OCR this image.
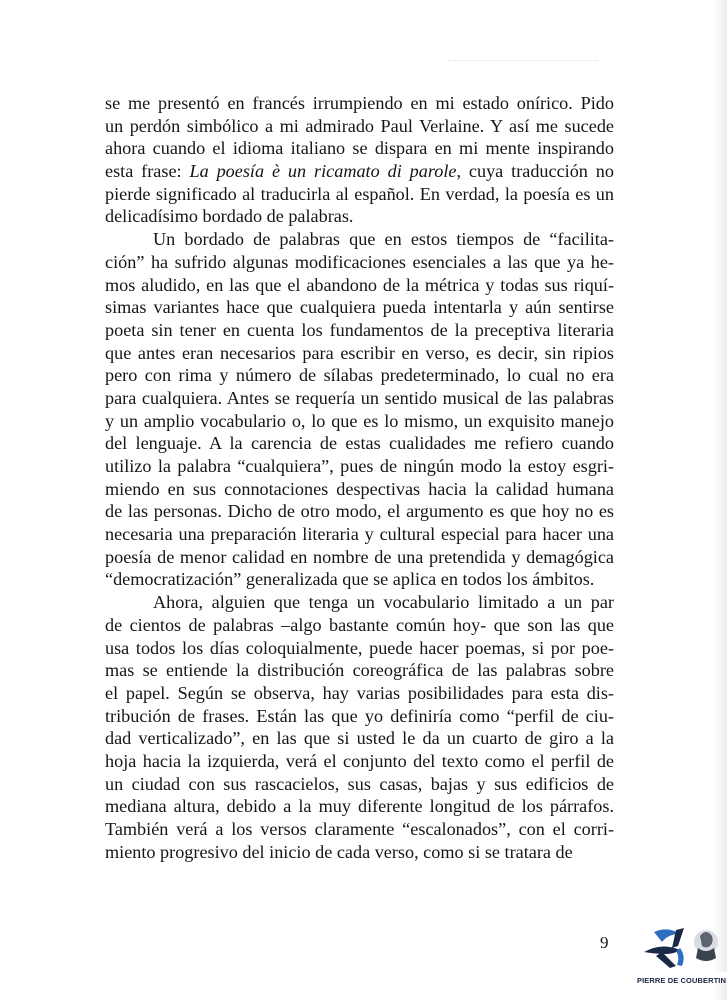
se me presentó en francés irrumpiendo en mi estado onírico. Pido
un perdón simbólico a mi admirado Paul Verlaine. Y así me sucede
ahora cuando el idioma italiano se dispara en mi mente inspirando
esta frase: La poesía è un ricamato di parole, cuya traducción no
pierde significado al traducirla al español. En verdad, la poesía es un
delicadísimo bordado de palabras.
Un bordado de palabras que en estos tiempos de “facilita-
ción” ha sufrido algunas modificaciones esenciales a las que ya he-
mos aludido, en las que el abandono de la métrica y todas sus riquí-
simas variantes hace que cualquiera pueda intentarla y aún sentirse
poeta sin tener en cuenta los fundamentos de la preceptiva literaria
que antes eran necesarios para escribir en verso, es decir, sin ripios
pero con rima y número de sílabas predeterminado, lo cual no era
para cualquiera. Antes se requería un sentido musical de las palabras
y un amplio vocabulario o, lo que es lo mismo, un exquisito manejo
del lenguaje. A la carencia de estas cualidades me refiero cuando
utilizo la palabra “cualquiera”, pues de ningún modo la estoy esgri-
miendo en sus connotaciones despectivas hacia la calidad humana
de las personas. Dicho de otro modo, el argumento es que hoy no es
necesaria una preparación literaria y cultural especial para hacer una
poesía de menor calidad en nombre de una pretendida y demagógica
“democratización” generalizada que se aplica en todos los ámbitos.
Ahora, alguien que tenga un vocabulario limitado a un par
de cientos de palabras –algo bastante común hoy- que son las que
usa todos los días coloquialmente, puede hacer poemas, si por poe-
mas se entiende la distribución coreográfica de las palabras sobre
el papel. Según se observa, hay varias posibilidades para esta dis-
tribución de frases. Están las que yo definiría como “perfil de ciu-
dad verticalizado”, en las que si usted le da un cuarto de giro a la
hoja hacia la izquierda, verá el conjunto del texto como el perfil de
un ciudad con sus rascacielos, sus casas, bajas y sus edificios de
mediana altura, debido a la muy diferente longitud de los párrafos.
También verá a los versos claramente “escalonados”, con el corri-
miento progresivo del inicio de cada verso, como si se tratara de
9
PIERRE DE COUBERTIN
